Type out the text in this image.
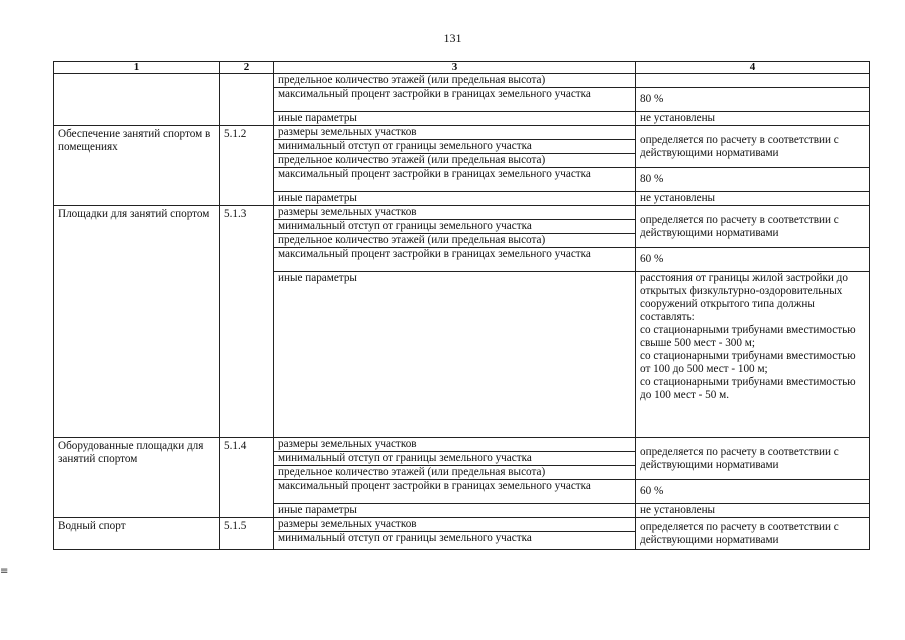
131
1	2	3	4
		предельное количество этажей (или предельная высота)	
		максимальный процент застройки в границах земельного участка	80 %
		иные параметры	не установлены
Обеспечение занятий спортом в помещениях	5.1.2	размеры земельных участков	определяется по расчету в соответствии с действующими нормативами
		минимальный отступ от границы земельного участка	
		предельное количество этажей (или предельная высота)	
		максимальный процент застройки в границах земельного участка	80 %
		иные параметры	не установлены
Площадки для занятий спортом	5.1.3	размеры земельных участков	определяется по расчету в соответствии с действующими нормативами
		минимальный отступ от границы земельного участка	
		предельное количество этажей (или предельная высота)	
		максимальный процент застройки в границах земельного участка	60 %
		иные параметры	расстояния от границы жилой застройки до открытых физкультурно-оздоровительных сооружений открытого типа должны составлять:
со стационарными трибунами вместимостью свыше 500 мест - 300 м;
со стационарными трибунами вместимостью от 100 до 500 мест - 100 м;
со стационарными трибунами вместимостью до 100 мест - 50 м.
Оборудованные площадки для занятий спортом	5.1.4	размеры земельных участков	определяется по расчету в соответствии с действующими нормативами
		минимальный отступ от границы земельного участка	
		предельное количество этажей (или предельная высота)	
		максимальный процент застройки в границах земельного участка	60 %
		иные параметры	не установлены
Водный спорт	5.1.5	размеры земельных участков	определяется по расчету в соответствии с действующими нормативами
		минимальный отступ от границы земельного участка	
≡
